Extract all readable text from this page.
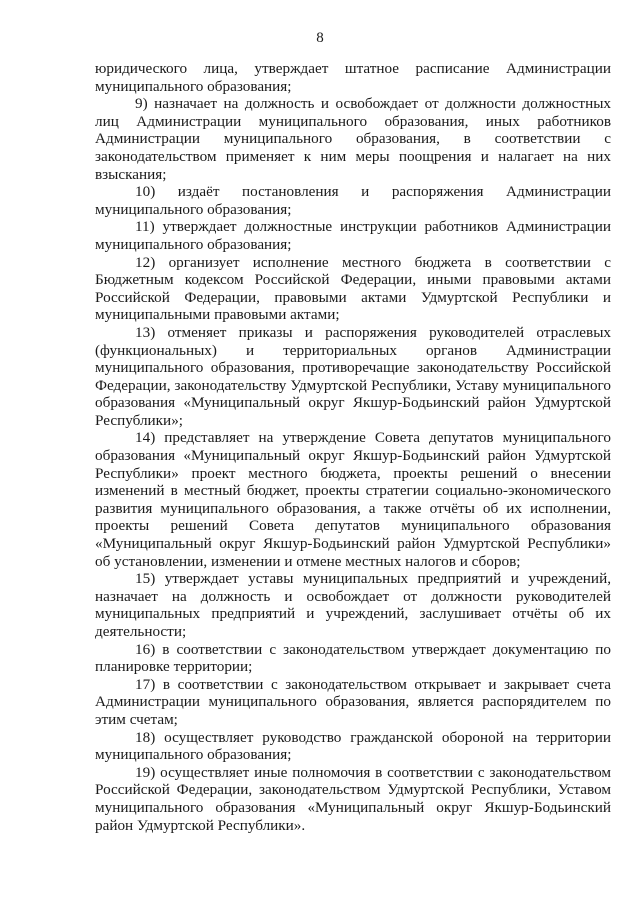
8

юридического лица, утверждает штатное расписание Администрации муниципального образования;

9) назначает на должность и освобождает от должности должностных лиц Администрации муниципального образования, иных работников Администрации муниципального образования, в соответствии с законодательством применяет к ним меры поощрения и налагает на них взыскания;

10) издаёт постановления и распоряжения Администрации муниципального образования;

11) утверждает должностные инструкции работников Администрации муниципального образования;

12) организует исполнение местного бюджета в соответствии с Бюджетным кодексом Российской Федерации, иными правовыми актами Российской Федерации, правовыми актами Удмуртской Республики и муниципальными правовыми актами;

13) отменяет приказы и распоряжения руководителей отраслевых (функциональных) и территориальных органов Администрации муниципального образования, противоречащие законодательству Российской Федерации, законодательству Удмуртской Республики, Уставу муниципального образования «Муниципальный округ Якшур-Бодьинский район Удмуртской Республики»;

14) представляет на утверждение Совета депутатов муниципального образования «Муниципальный округ Якшур-Бодьинский район Удмуртской Республики» проект местного бюджета, проекты решений о внесении изменений в местный бюджет, проекты стратегии социально-экономического развития муниципального образования, а также отчёты об их исполнении, проекты решений Совета депутатов муниципального образования «Муниципальный округ Якшур-Бодьинский район Удмуртской Республики» об установлении, изменении и отмене местных налогов и сборов;

15) утверждает уставы муниципальных предприятий и учреждений, назначает на должность и освобождает от должности руководителей муниципальных предприятий и учреждений, заслушивает отчёты об их деятельности;

16) в соответствии с законодательством утверждает документацию по планировке территории;

17) в соответствии с законодательством открывает и закрывает счета Администрации муниципального образования, является распорядителем по этим счетам;

18) осуществляет руководство гражданской обороной на территории муниципального образования;

19) осуществляет иные полномочия в соответствии с законодательством Российской Федерации, законодательством Удмуртской Республики, Уставом муниципального образования «Муниципальный округ Якшур-Бодьинский район Удмуртской Республики».
